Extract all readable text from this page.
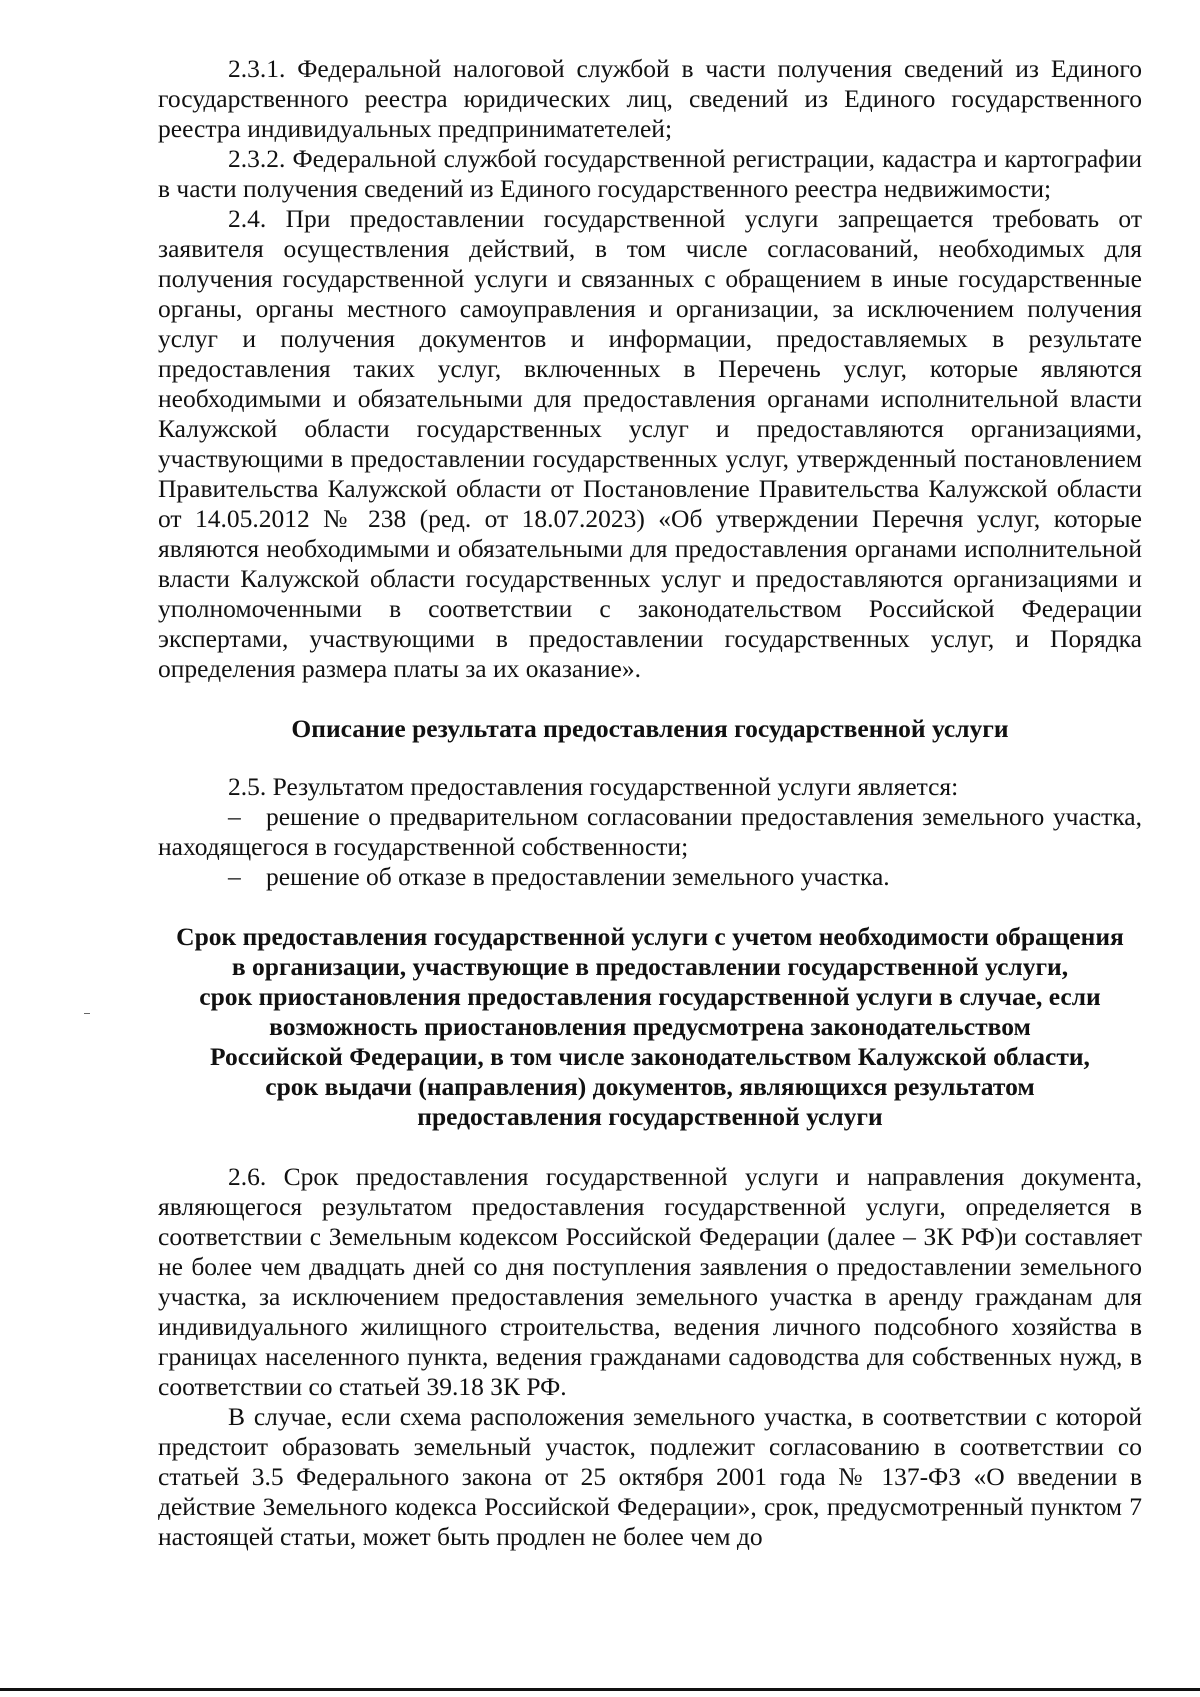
2.3.1. Федеральной налоговой службой в части получения сведений из Единого государственного реестра юридических лиц, сведений из Единого государственного реестра индивидуальных предприниматетелей;

2.3.2. Федеральной службой государственной регистрации, кадастра и картографии в части получения сведений из Единого государственного реестра недвижимости;

2.4. При предоставлении государственной услуги запрещается требовать от заявителя осуществления действий, в том числе согласований, необходимых для получения государственной услуги и связанных с обращением в иные государственные органы, органы местного самоуправления и организации, за исключением получения услуг и получения документов и информации, предоставляемых в результате предоставления таких услуг, включенных в Перечень услуг, которые являются необходимыми и обязательными для предоставления органами исполнительной власти Калужской области государственных услуг и предоставляются организациями, участвующими в предоставлении государственных услуг, утвержденный постановлением Правительства Калужской области от Постановление Правительства Калужской области от 14.05.2012 № 238 (ред. от 18.07.2023) «Об утверждении Перечня услуг, которые являются необходимыми и обязательными для предоставления органами исполнительной власти Калужской области государственных услуг и предоставляются организациями и уполномоченными в соответствии с законодательством Российской Федерации экспертами, участвующими в предоставлении государственных услуг, и Порядка определения размера платы за их оказание».

Описание результата предоставления государственной услуги

2.5. Результатом предоставления государственной услуги является:

– решение о предварительном согласовании предоставления земельного участка, находящегося в государственной собственности;

– решение об отказе в предоставлении земельного участка.

Срок предоставления государственной услуги с учетом необходимости обращения
в организации, участвующие в предоставлении государственной услуги,
срок приостановления предоставления государственной услуги в случае, если
возможность приостановления предусмотрена законодательством
Российской Федерации, в том числе законодательством Калужской области,
срок выдачи (направления) документов, являющихся результатом
предоставления государственной услуги

2.6. Срок предоставления государственной услуги и направления документа, являющегося результатом предоставления государственной услуги, определяется в соответствии с Земельным кодексом Российской Федерации (далее – ЗК РФ)и составляет не более чем двадцать дней со дня поступления заявления о предоставлении земельного участка, за исключением предоставления земельного участка в аренду гражданам для индивидуального жилищного строительства, ведения личного подсобного хозяйства в границах населенного пункта, ведения гражданами садоводства для собственных нужд, в соответствии со статьей 39.18 ЗК РФ.

В случае, если схема расположения земельного участка, в соответствии с которой предстоит образовать земельный участок, подлежит согласованию в соответствии со статьей 3.5 Федерального закона от 25 октября 2001 года № 137-ФЗ «О введении в действие Земельного кодекса Российской Федерации», срок, предусмотренный пунктом 7 настоящей статьи, может быть продлен не более чем до
